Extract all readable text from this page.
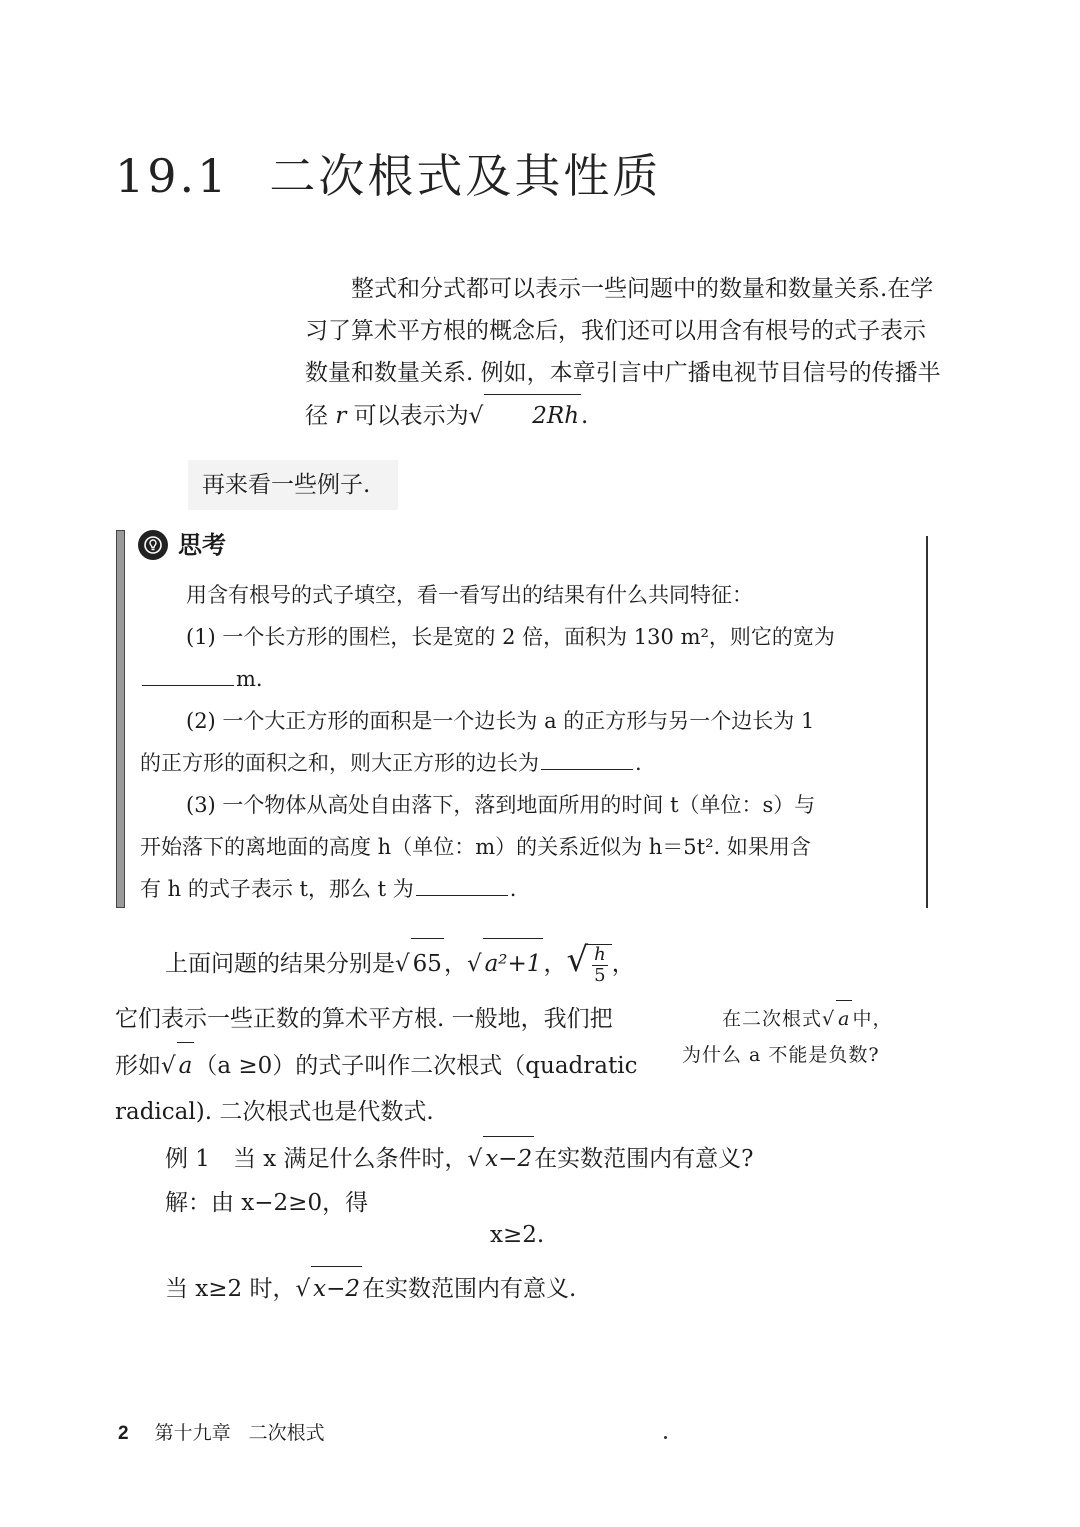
19.1 二次根式及其性质

整式和分式都可以表示一些问题中的数量和数量关系.在学习了算术平方根的概念后，我们还可以用含有根号的式子表示数量和数量关系. 例如，本章引言中广播电视节目信号的传播半径 r 可以表示为√ 2Rh.

再来看一些例子.
思考

用含有根号的式子填空，看一看写出的结果有什么共同特征：

(1) 一个长方形的围栏，长是宽的 2 倍，面积为 130 m²，则它的宽为

m.

(2) 一个大正方形的面积是一个边长为 a 的正方形与另一个边长为 1

的正方形的面积之和，则大正方形的边长为	.

(3) 一个物体从高处自由落下，落到地面所用的时间 t（单位：s）与

开始落下的离地面的高度 h（单位：m）的关系近似为 h＝5t². 如果用含

有 h 的式子表示 t，那么 t 为	.

上面问题的结果分别是√ 65，√ a²+1，√ $\frac{h}{5}$ ，

它们表示一些正数的算术平方根. 一般地，我们把

形如√ a（a ≥0）的式子叫作二次根式（quadratic

radical). 二次根式也是代数式.

在二次根式√ a 中，

为什么 a 不能是负数?

例 1　当 x 满足什么条件时，√ x−2在实数范围内有意义?

解：由 x−2≥0，得

x≥2.
当 x≥2 时，√ x−2在实数范围内有意义.
2 第十九章 二次根式
